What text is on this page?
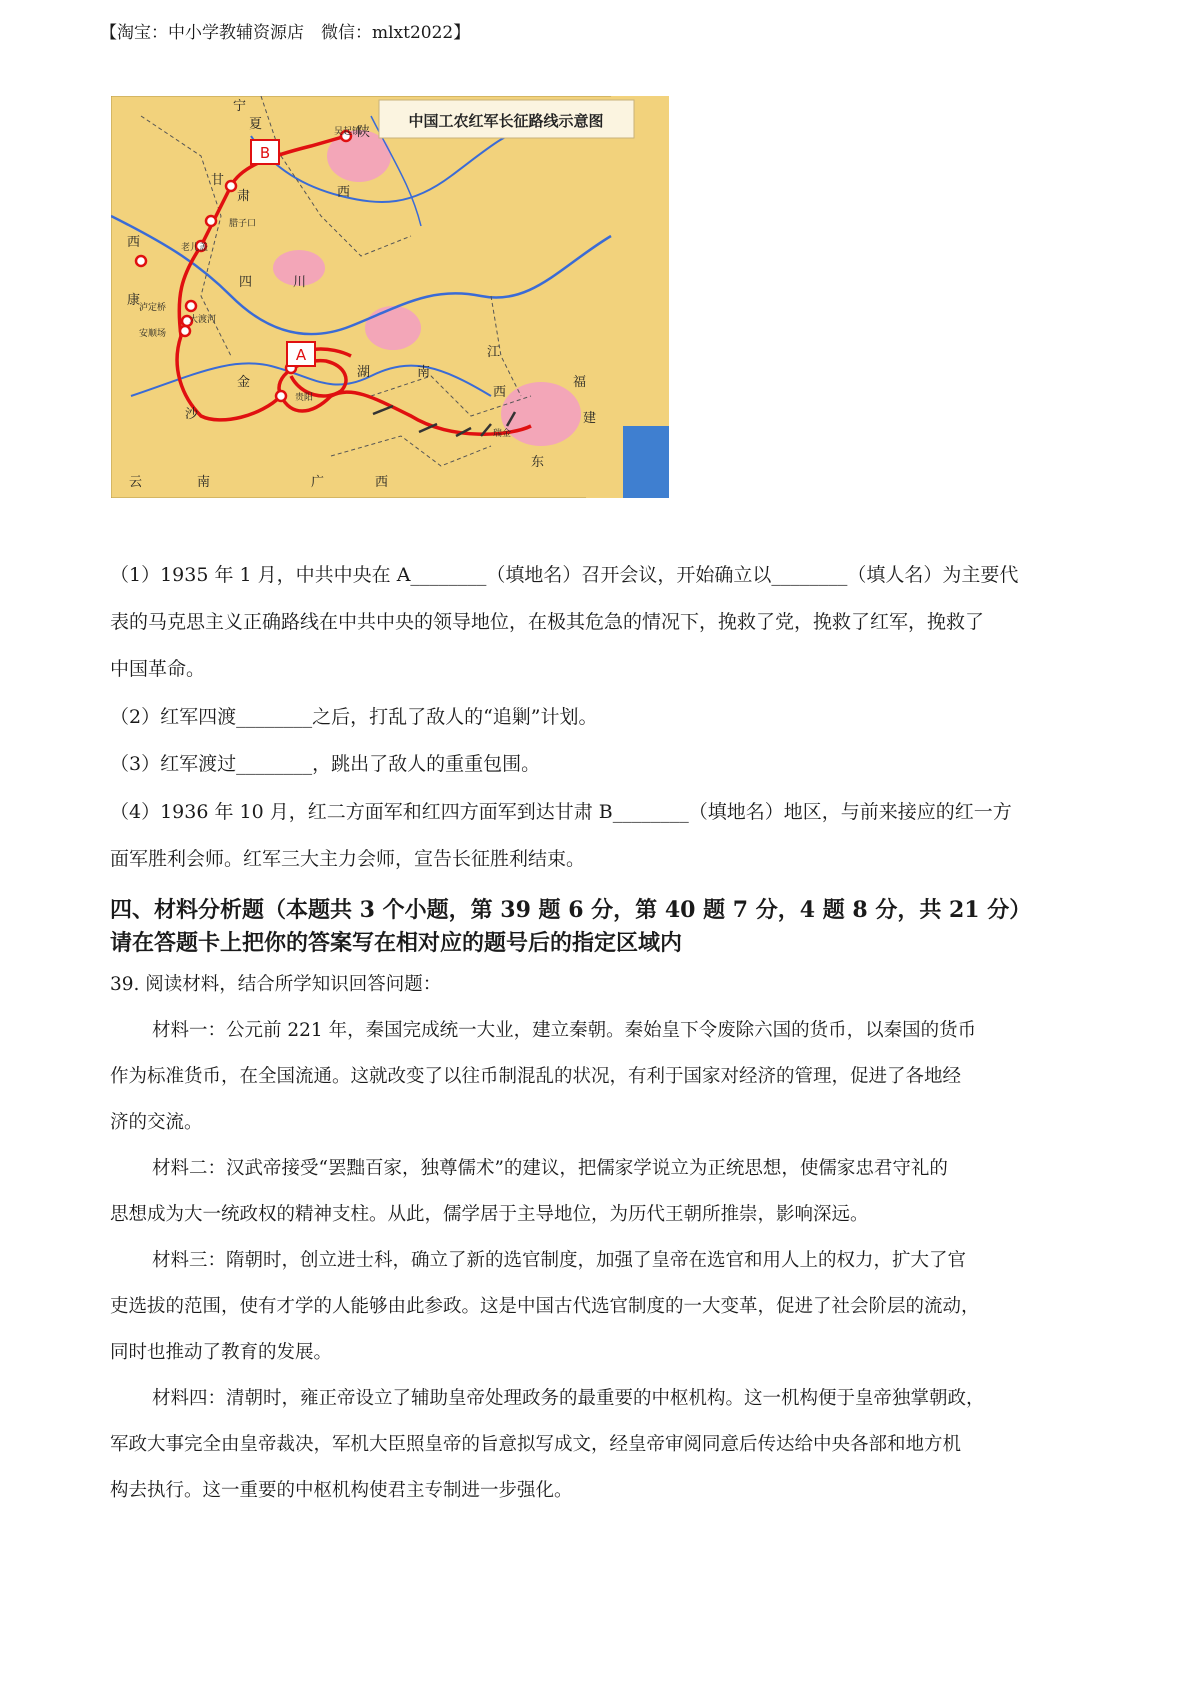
【淘宝：中小学教辅资源店　微信：mlxt2022】
中国工农红军长征路线示意图
B
A
宁
夏	吴起镇
陕
甘
肃	西
腊子口
老儿盖
西
康
四	川
泸定桥
大渡河
安顺场
金
沙
贵阳
湖	南
江
西
瑞金
福
建
云	南	广	西
东

（1）1935 年 1 月，中共中央在 A________（填地名）召开会议，开始确立以________（填人名）为主要代

表的马克思主义正确路线在中共中央的领导地位，在极其危急的情况下，挽救了党，挽救了红军，挽救了

中国革命。

（2）红军四渡________之后，打乱了敌人的“追剿”计划。

（3）红军渡过________，跳出了敌人的重重包围。

（4）1936 年 10 月，红二方面军和红四方面军到达甘肃 B________（填地名）地区，与前来接应的红一方

面军胜利会师。红军三大主力会师，宣告长征胜利结束。

四、材料分析题（本题共 3 个小题，第 39 题 6 分，第 40 题 7 分，4 题 8 分，共 21 分）
请在答题卡上把你的答案写在相对应的题号后的指定区域内
39. 阅读材料，结合所学知识回答问题：
材料一：公元前 221 年，秦国完成统一大业，建立秦朝。秦始皇下令废除六国的货币，以秦国的货币
作为标准货币，在全国流通。这就改变了以往币制混乱的状况，有利于国家对经济的管理，促进了各地经
济的交流。
材料二：汉武帝接受“罢黜百家，独尊儒术”的建议，把儒家学说立为正统思想，使儒家忠君守礼的
思想成为大一统政权的精神支柱。从此，儒学居于主导地位，为历代王朝所推崇，影响深远。
材料三：隋朝时，创立进士科，确立了新的选官制度，加强了皇帝在选官和用人上的权力，扩大了官
吏选拔的范围，使有才学的人能够由此参政。这是中国古代选官制度的一大变革，促进了社会阶层的流动，
同时也推动了教育的发展。
材料四：清朝时，雍正帝设立了辅助皇帝处理政务的最重要的中枢机构。这一机构便于皇帝独掌朝政，
军政大事完全由皇帝裁决，军机大臣照皇帝的旨意拟写成文，经皇帝审阅同意后传达给中央各部和地方机
构去执行。这一重要的中枢机构使君主专制进一步强化。
